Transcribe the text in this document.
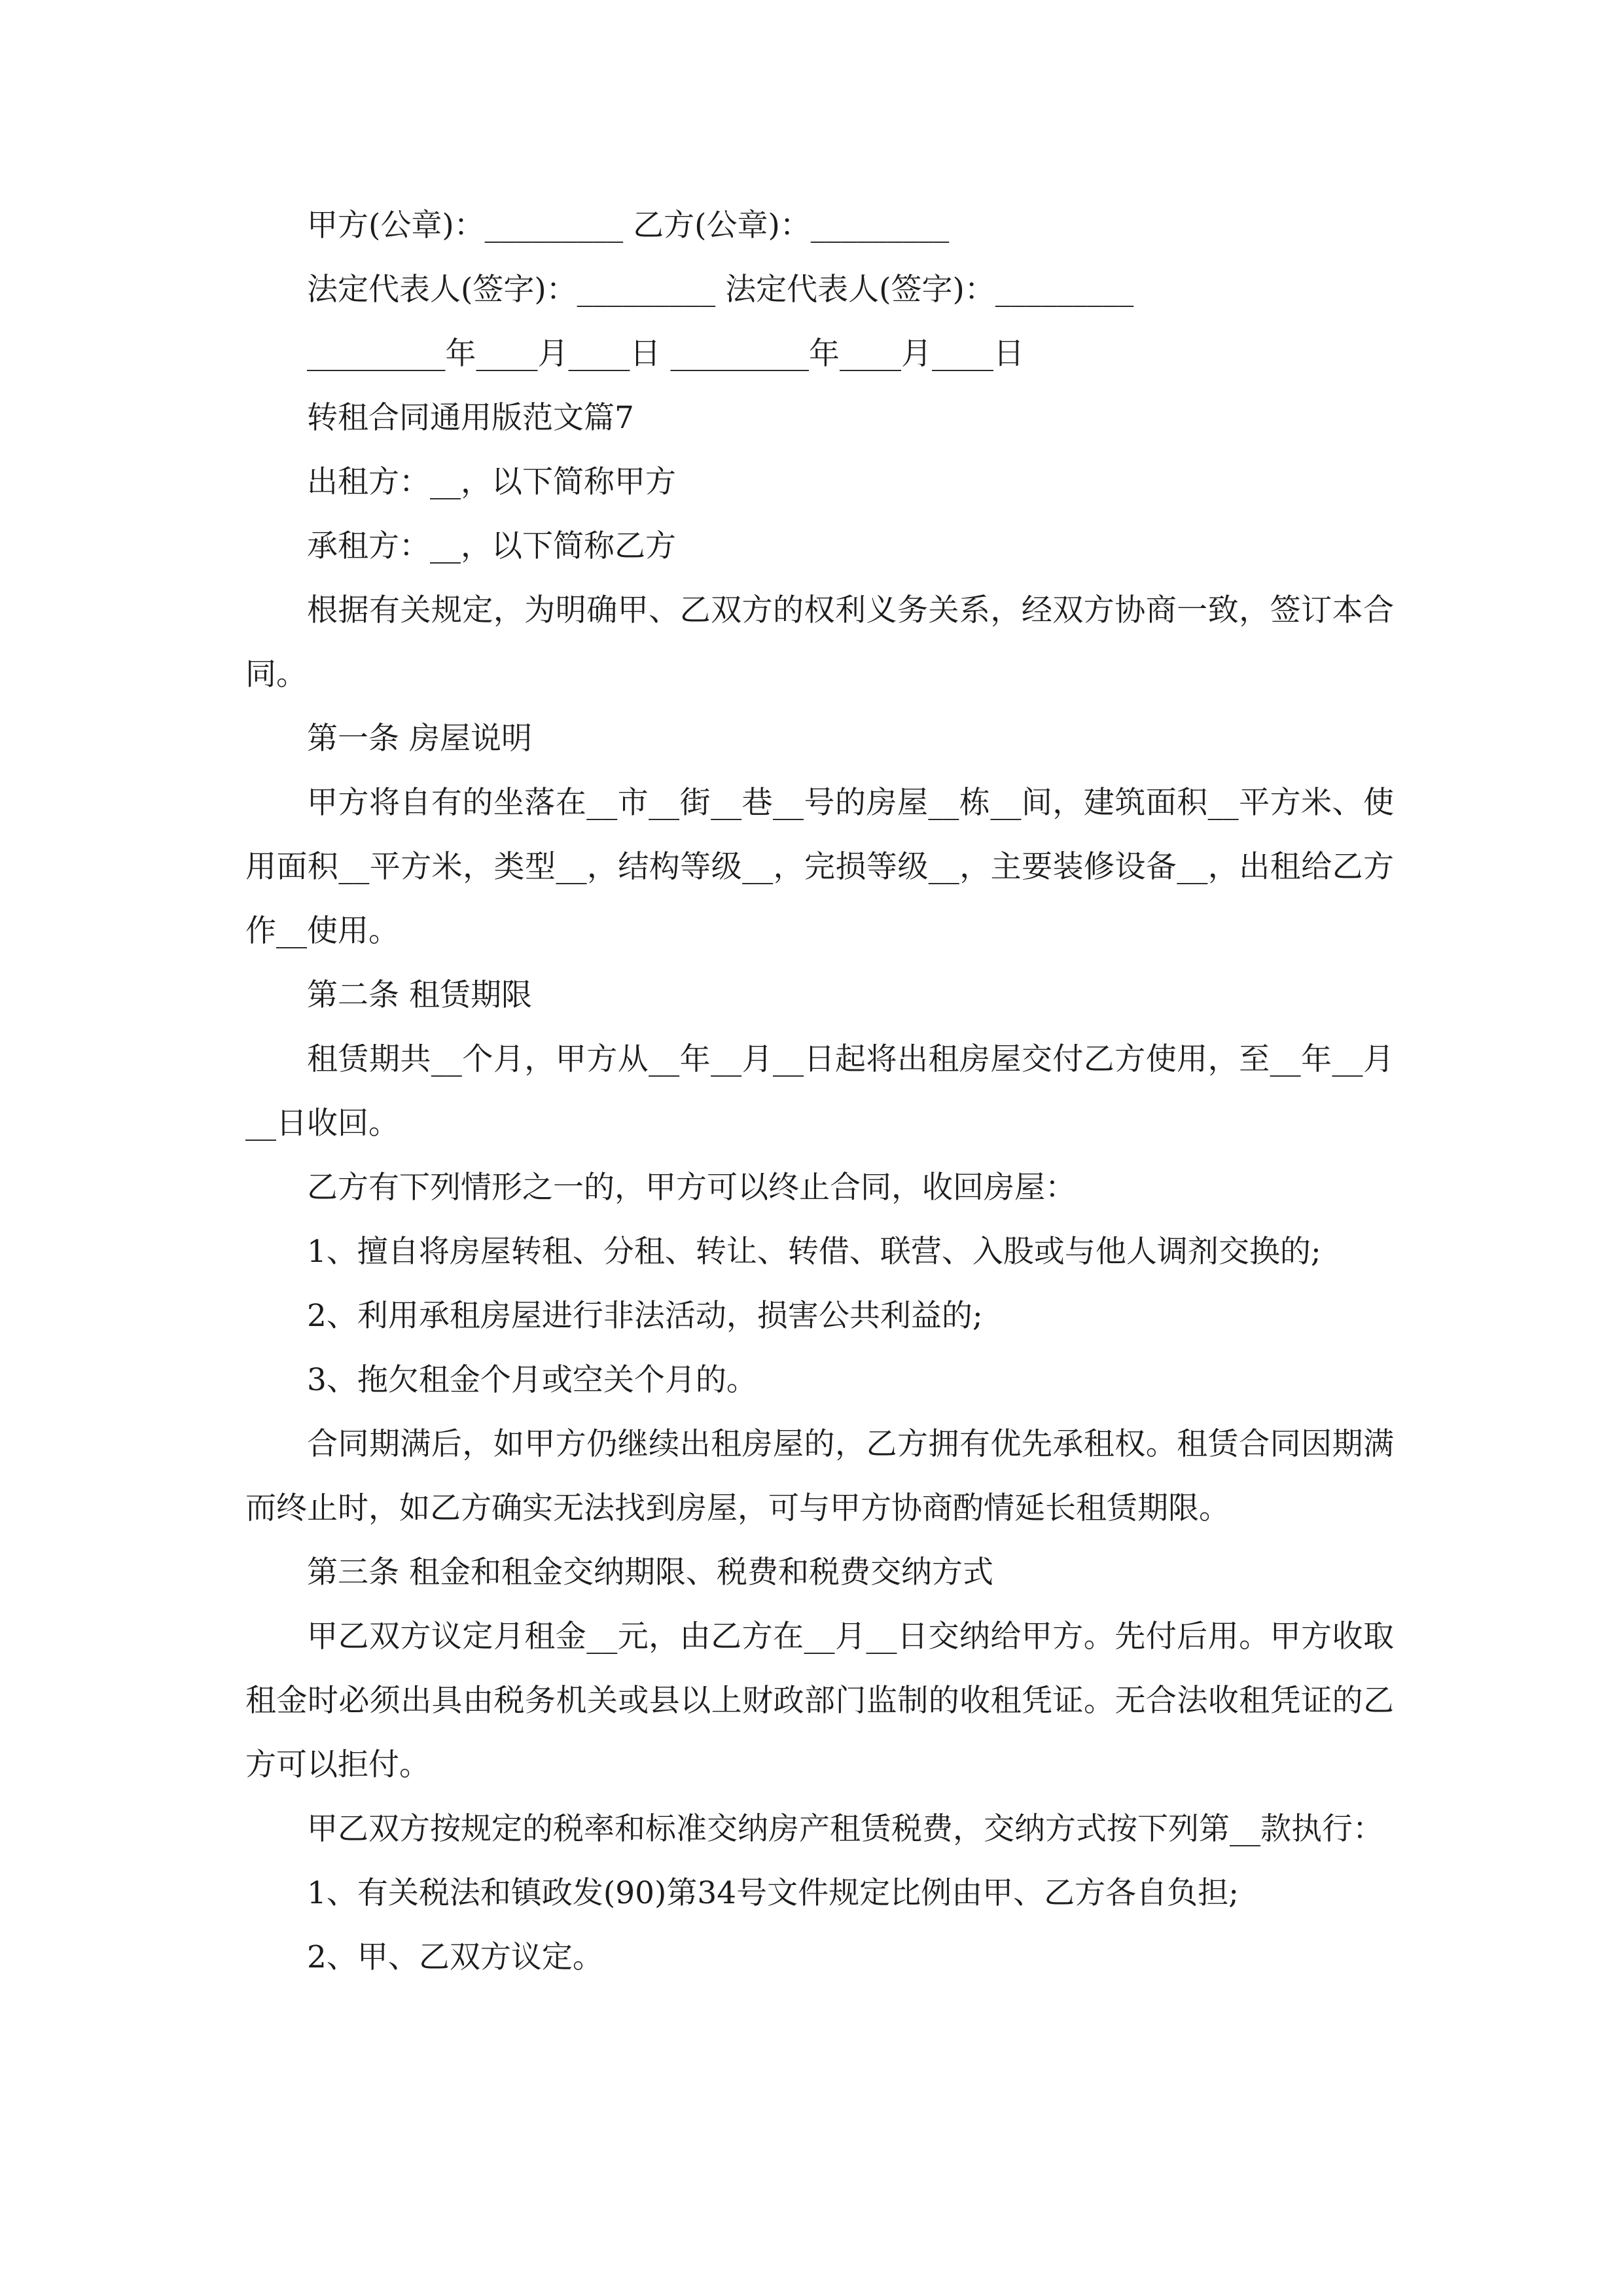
甲方(公章)：_________ 乙方(公章)：_________

法定代表人(签字)：_________ 法定代表人(签字)：_________

_________年____月____日 _________年____月____日

转租合同通用版范文篇7

出租方：__，以下简称甲方

承租方：__，以下简称乙方

根据有关规定，为明确甲、乙双方的权利义务关系，经双方协商一致，签订本合同。

第一条 房屋说明

甲方将自有的坐落在__市__街__巷__号的房屋__栋__间，建筑面积__平方米、使用面积__平方米，类型__，结构等级__，完损等级__，主要装修设备__，出租给乙方作__使用。

第二条 租赁期限

租赁期共__个月，甲方从__年__月__日起将出租房屋交付乙方使用，至__年__月__日收回。

乙方有下列情形之一的，甲方可以终止合同，收回房屋：

1、擅自将房屋转租、分租、转让、转借、联营、入股或与他人调剂交换的;

2、利用承租房屋进行非法活动，损害公共利益的;

3、拖欠租金个月或空关个月的。

合同期满后，如甲方仍继续出租房屋的，乙方拥有优先承租权。租赁合同因期满而终止时，如乙方确实无法找到房屋，可与甲方协商酌情延长租赁期限。

第三条 租金和租金交纳期限、税费和税费交纳方式

甲乙双方议定月租金__元，由乙方在__月__日交纳给甲方。先付后用。甲方收取租金时必须出具由税务机关或县以上财政部门监制的收租凭证。无合法收租凭证的乙方可以拒付。

甲乙双方按规定的税率和标准交纳房产租赁税费，交纳方式按下列第__款执行：

1、有关税法和镇政发(90)第34号文件规定比例由甲、乙方各自负担;

2、甲、乙双方议定。
